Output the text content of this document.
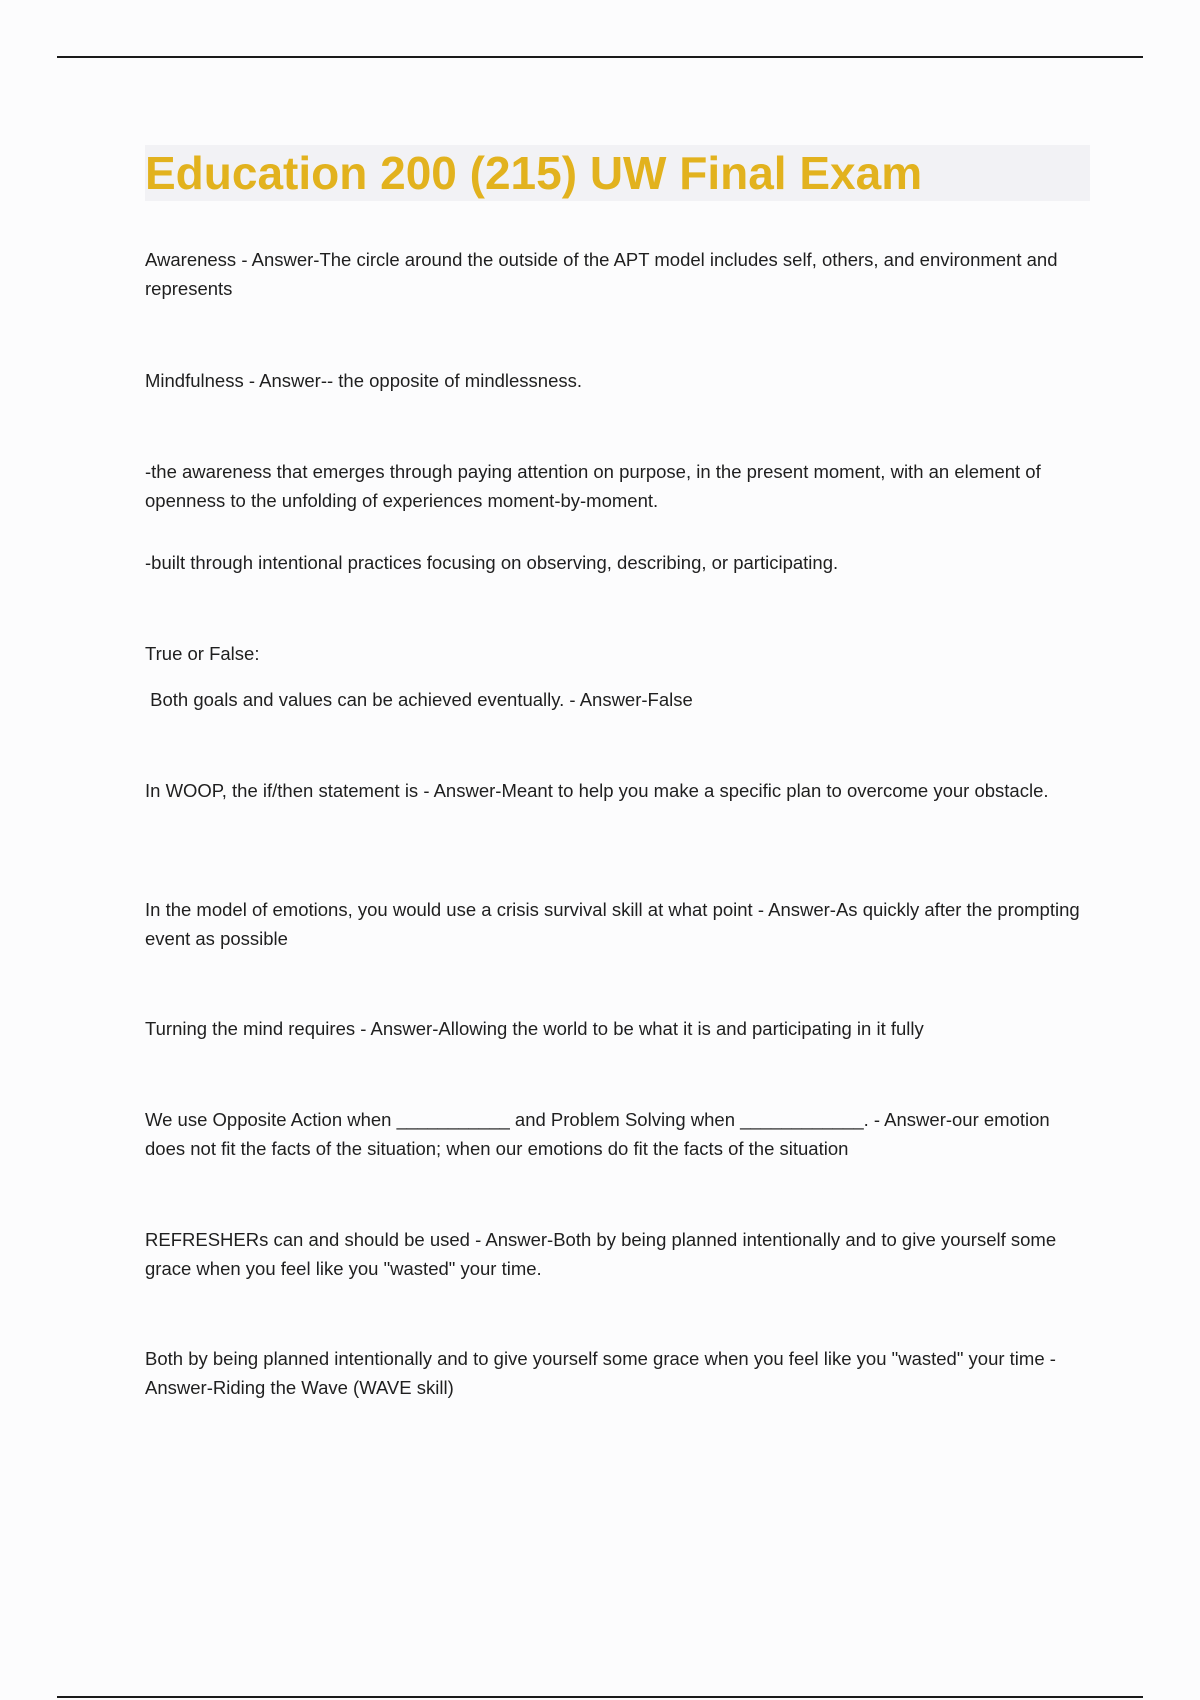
Education 200 (215) UW Final Exam

Awareness - Answer-The circle around the outside of the APT model includes self, others, and environment and represents

Mindfulness - Answer-- the opposite of mindlessness.

-the awareness that emerges through paying attention on purpose, in the present moment, with an element of openness to the unfolding of experiences moment-by-moment.

-built through intentional practices focusing on observing, describing, or participating.

True or False:

Both goals and values can be achieved eventually. - Answer-False

In WOOP, the if/then statement is - Answer-Meant to help you make a specific plan to overcome your obstacle.

In the model of emotions, you would use a crisis survival skill at what point - Answer-As quickly after the prompting event as possible

Turning the mind requires - Answer-Allowing the world to be what it is and participating in it fully

We use Opposite Action when ___________ and Problem Solving when ____________. - Answer-our emotion does not fit the facts of the situation; when our emotions do fit the facts of the situation

REFRESHERs can and should be used - Answer-Both by being planned intentionally and to give yourself some grace when you feel like you "wasted" your time.

Both by being planned intentionally and to give yourself some grace when you feel like you "wasted" your time - Answer-Riding the Wave (WAVE skill)
